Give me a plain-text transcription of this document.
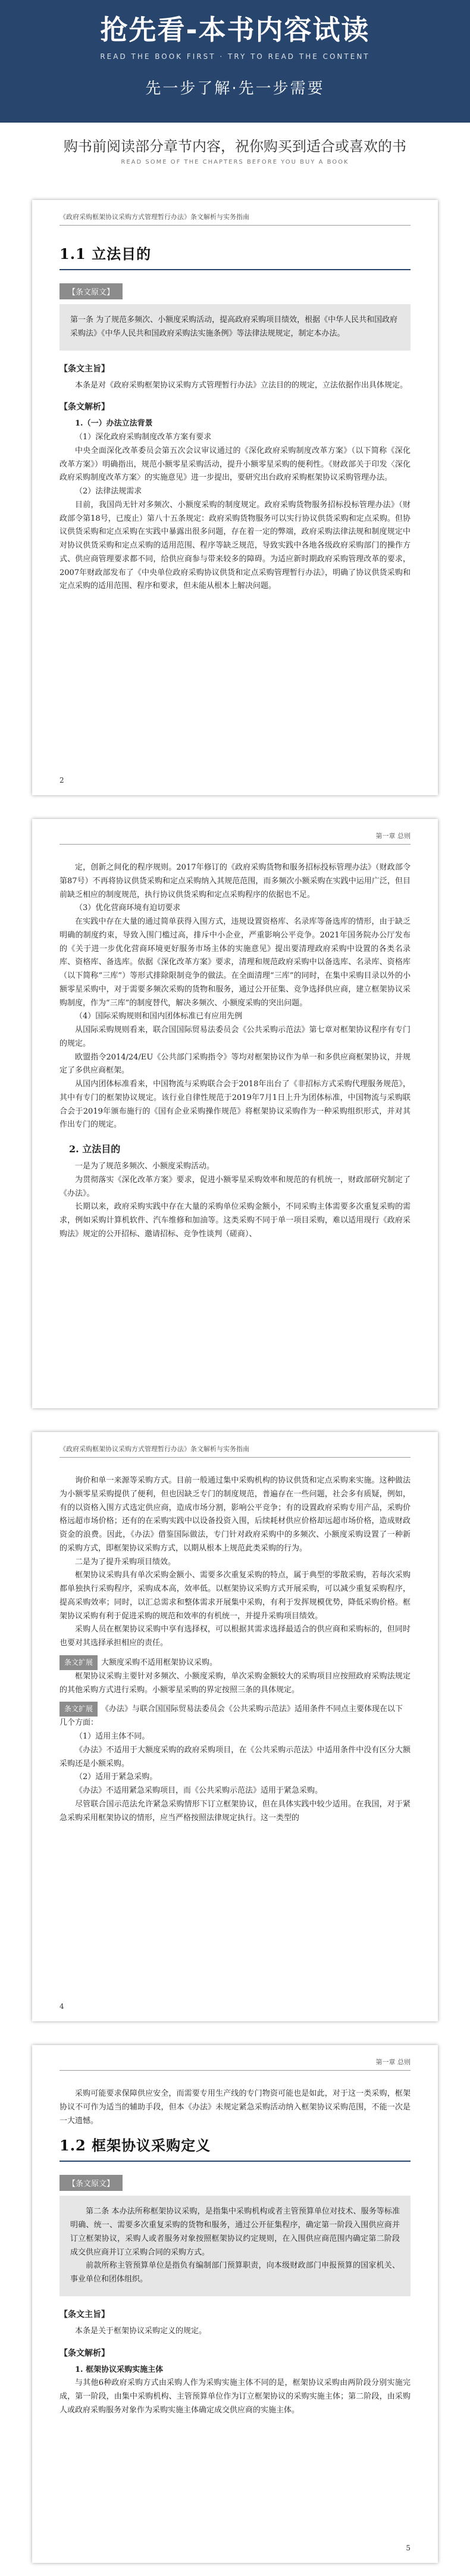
抢先看-本书内容试读
READ THE BOOK FIRST · TRY TO READ THE CONTENT
先一步了解·先一步需要
购书前阅读部分章节内容，祝你购买到适合或喜欢的书
READ SOME OF THE CHAPTERS BEFORE YOU BUY A BOOK
《政府采购框架协议采购方式管理暂行办法》条文解析与实务指南
1.1 立法目的
【条文原文】
第一条 为了规范多频次、小额度采购活动，提高政府采购项目绩效，根据《中华人民共和国政府采购法》《中华人民共和国政府采购法实施条例》等法律法规规定，制定本办法。
【条文主旨】

本条是对《政府采购框架协议采购方式管理暂行办法》立法目的的规定，立法依据作出具体规定。

【条文解析】

1.（一）办法立法背景

（1）深化政府采购制度改革方案有要求

中央全面深化改革委员会第五次会议审议通过的《深化政府采购制度改革方案》（以下简称《深化改革方案》）明确指出，规范小额零星采购活动，提升小额零星采购的便利性。《财政部关于印发〈深化政府采购制度改革方案〉的实施意见》进一步提出，要研究出台政府采购框架协议采购管理办法。

（2）法律法规需求

目前，我国尚无针对多频次、小额度采购的制度规定。政府采购货物服务招标投标管理办法》（财政部令第18号，已废止）第八十五条规定：政府采购货物服务可以实行协议供货采购和定点采购。但协议供货采购和定点采购在实践中暴露出很多问题，存在着一定的弊端，政府采购法律法规和制度规定中对协议供货采购和定点采购的适用范围、程序等缺乏规范，导致实践中各地各级政府采购部门的操作方式、供应商管理要求都不同，给供应商参与带来较多的障碍。为适应新时期政府采购管理改革的要求，2007年财政部发布了《中央单位政府采购协议供货和定点采购管理暂行办法》，明确了协议供货采购和定点采购的适用范围、程序和要求，但未能从根本上解决问题。

2
第一章 总则

定，创新之间化的程序规则。2017年修订的《政府采购货物和服务招标投标管理办法》（财政部令第87号）不再将协议供货采购和定点采购纳入其规范范围，而多频次小额采购在实践中运用广泛，但目前缺乏相应的制度规范，执行协议供货采购和定点采购程序的依据也不足。

（3）优化营商环境有迫切要求

在实践中存在大量的通过简单获得入围方式，违规设置资格库、名录库等备选库的情形，由于缺乏明确的制度约束，导致入围门槛过高，排斥中小企业，严重影响公平竞争。2021年国务院办公厅发布的《关于进一步优化营商环境更好服务市场主体的实施意见》提出要清理政府采购中设置的各类名录库、资格库、备选库。依据《深化改革方案》要求，清理和规范政府采购中以备选库、名录库、资格库（以下简称“三库”）等形式排除限制竞争的做法。在全面清理“三库”的同时，在集中采购目录以外的小额零星采购中，对于需要多频次采购的货物和服务，通过公开征集、竞争选择供应商，建立框架协议采购制度，作为“三库”的制度替代，解决多频次、小额度采购的突出问题。

（4）国际采购规则和国内团体标准已有应用先例

从国际采购规则看来，联合国国际贸易法委员会《公共采购示范法》第七章对框架协议程序有专门的规定。

欧盟指令2014/24/EU《公共部门采购指令》等均对框架协议作为单一和多供应商框架协议，并规定了多供应商框架。

从国内团体标准看来，中国物流与采购联合会于2018年出台了《非招标方式采购代理服务规范》，其中有专门的框架协议规定。该行业自律性规范于2019年7月1日上升为团体标准，中国物流与采购联合会于2019年颁布施行的《国有企业采购操作规范》将框架协议采购作为一种采购组织形式，并对其作出专门的规定。

2. 立法目的

一是为了规范多频次、小额度采购活动。

为贯彻落实《深化改革方案》要求，促进小额零星采购效率和规范的有机统一，财政部研究制定了《办法》。

长期以来，政府采购实践中存在大量的采购单位采购金额小，不同采购主体需要多次重复采购的需求，例如采购计算机软件、汽车维修和加油等。这类采购不同于单一项目采购，难以适用现行《政府采购法》规定的公开招标、邀请招标、竞争性谈判（磋商）、

《政府采购框架协议采购方式管理暂行办法》条文解析与实务指南

询价和单一来源等采购方式。目前一般通过集中采购机构的协议供货和定点采购来实施。这种做法为小额零星采购提供了便利，但也因缺乏专门的制度规范，普遍存在一些问题，社会多有质疑，例如，有的以资格入围方式选定供应商，造成市场分割，影响公平竞争；有的设置政府采购专用产品，采购价格远超市场价格；还有的在采购实践中以设备投资入围，后续耗材供应价格却远超市场价格，造成财政资金的浪费。因此，《办法》借鉴国际做法，专门针对政府采购中的多频次、小额度采购设置了一种新的采购方式，即框架协议采购方式，以期从根本上规范此类采购的行为。

二是为了提升采购项目绩效。

框架协议采购具有单次采购金额小、需要多次重复采购的特点，属于典型的零散采购，若每次采购都单独执行采购程序，采购成本高，效率低。以框架协议采购方式开展采购，可以减少重复采购程序，提高采购效率；同时，以汇总需求和整体需求开展集中采购，有利于发挥规模优势，降低采购价格。框架协议采购有利于促进采购的规范和效率的有机统一，并提升采购项目绩效。

采购人员在框架协议采购中享有选择权，可以根据其需求选择最适合的供应商和采购标的，但同时也要对其选择承担相应的责任。

条文扩展 大额度采购不适用框架协议采购。

框架协议采购主要针对多频次、小额度采购，单次采购金额较大的采购项目应按照政府采购法规定的其他采购方式进行采购。小额零星采购的界定按照三条的具体规定。

条文扩展 《办法》与联合国国际贸易法委员会《公共采购示范法》适用条件不同点主要体现在以下几个方面：

（1）适用主体不同。

《办法》不适用于大额度采购的政府采购项目，在《公共采购示范法》中适用条件中没有区分大额采购还是小额采购。

（2）适用于紧急采购。

《办法》不适用紧急采购项目，而《公共采购示范法》适用于紧急采购。

尽管联合国示范法允许紧急采购情形下订立框架协议，但在具体实践中较少适用。在我国，对于紧急采购采用框架协议的情形，应当严格按照法律规定执行。这一类型的

4
第一章 总则

采购可能要求保障供应安全，而需要专用生产线的专门物资可能也是如此，对于这一类采购，框架协议不可作为适当的辅助手段，但本《办法》未规定紧急采购活动纳入框架协议采购范围，不能一次是一大遗憾。

1.2 框架协议采购定义
【条文原文】

第二条 本办法所称框架协议采购，是指集中采购机构或者主管预算单位对技术、服务等标准明确、统一、需要多次重复采购的货物和服务，通过公开征集程序，确定第一阶段入围供应商并订立框架协议，采购人或者服务对象按照框架协议约定规则，在入围供应商范围内确定第二阶段成交供应商并订立采购合同的采购方式。

前款所称主管预算单位是指负有编制部门预算职责，向本级财政部门申报预算的国家机关、事业单位和团体组织。

【条文主旨】

本条是关于框架协议采购定义的规定。

【条文解析】

1. 框架协议采购实施主体

与其他6种政府采购方式由采购人作为采购实施主体不同的是，框架协议采购由两阶段分别实施完成，第一阶段，由集中采购机构、主管预算单位作为订立框架协议的采购实施主体；第二阶段，由采购人或政府采购服务对象作为采购实施主体确定成交供应商的实施主体。

5
